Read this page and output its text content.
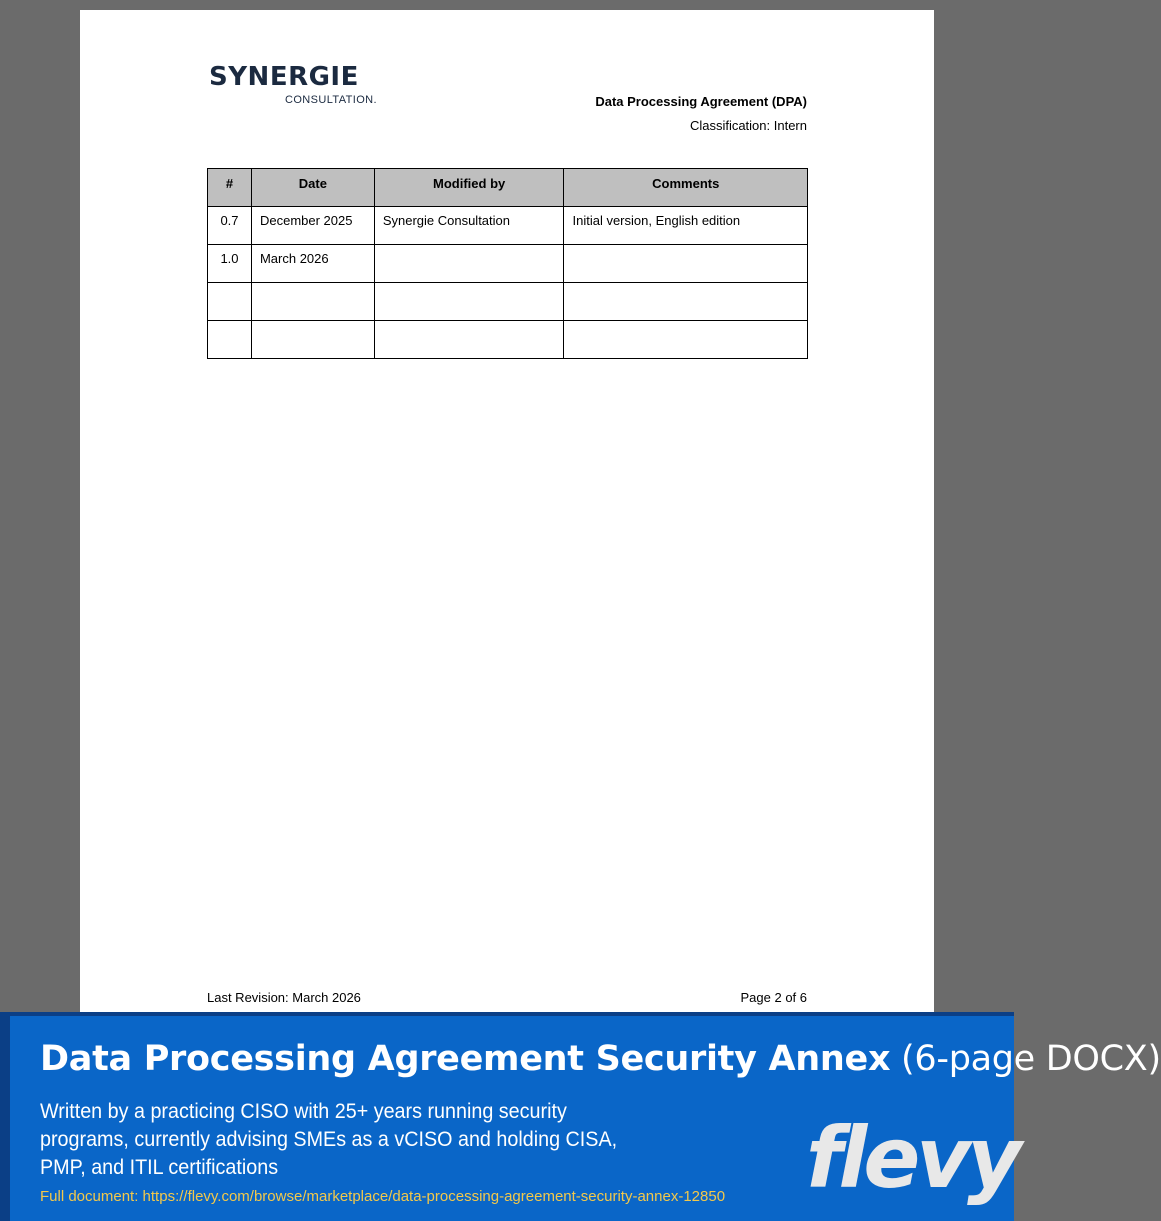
SYNERGIE
CONSULTATION.	Data Processing Agreement (DPA)
Classification: Intern
#	Date	Modified by	Comments
0.7	December 2025	Synergie Consultation	Initial version, English edition
1.0	March 2026		

Last Revision: March 2026	Page 2 of 6
Data Processing Agreement Security Annex (6-page DOCX)
Written by a practicing CISO with 25+ years running security programs, currently advising SMEs as a vCISO and holding CISA, PMP, and ITIL certifications
Full document: https://flevy.com/browse/marketplace/data-processing-agreement-security-annex-12850 flevy
